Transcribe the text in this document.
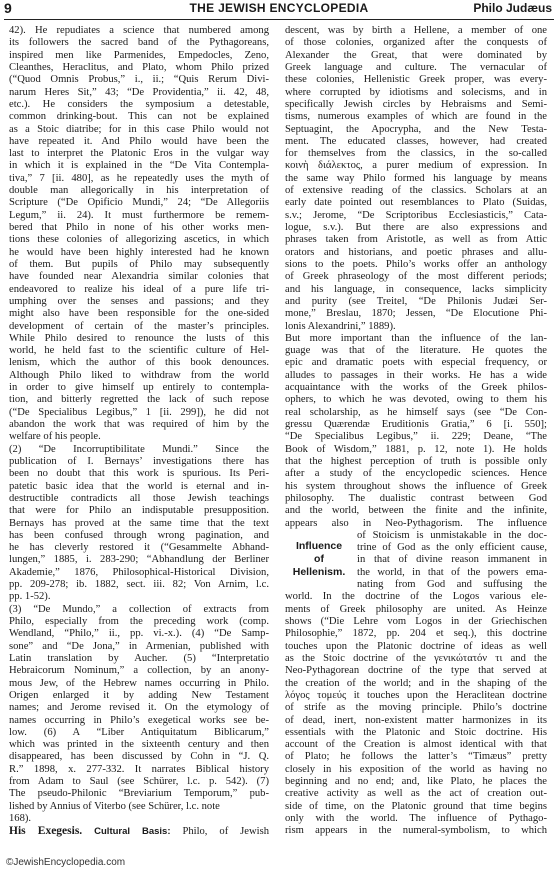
9	THE JEWISH ENCYCLOPEDIA	Philo Judæus
42). He repudiates a science that numbered among
its followers the sacred band of the Pythagoreans,
inspired men like Parmenides, Empedocles, Zeno,
Cleanthes, Heraclitus, and Plato, whom Philo prized
(“Quod Omnis Probus,” i., ii.; “Quis Rerum Divi-
narum Heres Sit,” 43; “De Providentia,” ii. 42, 48,
etc.). He considers the symposium a detestable,
common drinking-bout. This can not be explained
as a Stoic diatribe; for in this case Philo would not
have repeated it. And Philo would have been the
last to interpret the Platonic Eros in the vulgar way
in which it is explained in the “De Vita Contempla-
tiva,” 7 [ii. 480], as he repeatedly uses the myth of
double man allegorically in his interpretation of
Scripture (“De Opificio Mundi,” 24; “De Allegoriis
Legum,” ii. 24). It must furthermore be remem-
bered that Philo in none of his other works men-
tions these colonies of allegorizing ascetics, in which
he would have been highly interested had he known
of them. But pupils of Philo may subsequently
have founded near Alexandria similar colonies that
endeavored to realize his ideal of a pure life tri-
umphing over the senses and passions; and they
might also have been responsible for the one-sided
development of certain of the master’s principles.
While Philo desired to renounce the lusts of this
world, he held fast to the scientific culture of Hel-
lenism, which the author of this book denounces.
Although Philo liked to withdraw from the world
in order to give himself up entirely to contempla-
tion, and bitterly regretted the lack of such repose
(“De Specialibus Legibus,” 1 [ii. 299]), he did not
abandon the work that was required of him by the
welfare of his people.
(2) “De Incorruptibilitate Mundi.” Since the
publication of I. Bernays’ investigations there has
been no doubt that this work is spurious. Its Peri-
patetic basic idea that the world is eternal and in-
destructible contradicts all those Jewish teachings
that were for Philo an indisputable presupposition.
Bernays has proved at the same time that the text
has been confused through wrong pagination, and
he has cleverly restored it (“Gesammelte Abhand-
lungen,” 1885, i. 283-290; “Abhandlung der Berliner
Akademie,” 1876, Philosophical-Historical Division,
pp. 209-278; ib. 1882, sect. iii. 82; Von Arnim, l.c.
pp. 1-52).
(3) “De Mundo,” a collection of extracts from
Philo, especially from the preceding work (comp.
Wendland, “Philo,” ii., pp. vi.-x.). (4) “De Samp-
sone” and “De Jona,” in Armenian, published with
Latin translation by Aucher. (5) “Interpretatio
Hebraicorum Nominum,” a collection, by an anony-
mous Jew, of the Hebrew names occurring in Philo.
Origen enlarged it by adding New Testament
names; and Jerome revised it. On the etymology of
names occurring in Philo’s exegetical works see be-
low. (6) A “Liber Antiquitatum Biblicarum,”
which was printed in the sixteenth century and then
disappeared, has been discussed by Cohn in “J. Q.
R.” 1898, x. 277-332. It narrates Biblical history
from Adam to Saul (see Schürer, l.c. p. 542). (7)
The pseudo-Philonic “Breviarium Temporum,” pub-
lished by Annius of Viterbo (see Schürer, l.c. note
168).
His Exegesis. Cultural Basis: Philo, of Jewish
descent, was by birth a Hellene, a member of one
of those colonies, organized after the conquests of
Alexander the Great, that were dominated by
Greek language and culture. The vernacular of
these colonies, Hellenistic Greek proper, was every-
where corrupted by idiotisms and solecisms, and in
specifically Jewish circles by Hebraisms and Semi-
tisms, numerous examples of which are found in the
Septuagint, the Apocrypha, and the New Testa-
ment. The educated classes, however, had created
for themselves from the classics, in the so-called
κοινὴ διάλεκτος, a purer medium of expression. In
the same way Philo formed his language by means
of extensive reading of the classics. Scholars at an
early date pointed out resemblances to Plato (Suidas,
s.v.; Jerome, “De Scriptoribus Ecclesiasticis,” Cata-
logue, s.v.). But there are also expressions and
phrases taken from Aristotle, as well as from Attic
orators and historians, and poetic phrases and allu-
sions to the poets. Philo’s works offer an anthology
of Greek phraseology of the most different periods;
and his language, in consequence, lacks simplicity
and purity (see Treitel, “De Philonis Judæi Ser-
mone,” Breslau, 1870; Jessen, “De Elocutione Phi-
lonis Alexandrini,” 1889).
But more important than the influence of the lan-
guage was that of the literature. He quotes the
epic and dramatic poets with especial frequency, or
alludes to passages in their works. He has a wide
acquaintance with the works of the Greek philos-
ophers, to which he was devoted, owing to them his
real scholarship, as he himself says (see “De Con-
gressu Quærendæ Eruditionis Gratia,” 6 [i. 550];
“De Specialibus Legibus,” ii. 229; Deane, “The
Book of Wisdom,” 1881, p. 12, note 1). He holds
that the highest perception of truth is possible only
after a study of the encyclopedic sciences. Hence
his system throughout shows the influence of Greek
philosophy. The dualistic contrast between God
and the world, between the finite and the infinite,
appears also in Neo-Pythagorism. The influence
of Stoicism is unmistakable in the doc-
trine of God as the only efficient cause,
in that of divine reason immanent in
the world, in that of the powers ema-
nating from God and suffusing the
Influence
of
Hellenism.
world. In the doctrine of the Logos various ele-
ments of Greek philosophy are united. As Heinze
shows (“Die Lehre vom Logos in der Griechischen
Philosophie,” 1872, pp. 204 et seq.), this doctrine
touches upon the Platonic doctrine of ideas as well
as the Stoic doctrine of the γενικώτατόν τι and the
Neo-Pythagorean doctrine of the type that served at
the creation of the world; and in the shaping of the
λόγος τομεύς it touches upon the Heraclitean doctrine
of strife as the moving principle. Philo’s doctrine
of dead, inert, non-existent matter harmonizes in its
essentials with the Platonic and Stoic doctrine. His
account of the Creation is almost identical with that
of Plato; he follows the latter’s “Timæus” pretty
closely in his exposition of the world as having no
beginning and no end; and, like Plato, he places the
creative activity as well as the act of creation out-
side of time, on the Platonic ground that time begins
only with the world. The influence of Pythago-
rism appears in the numeral-symbolism, to which
©JewishEncyclopedia.com
